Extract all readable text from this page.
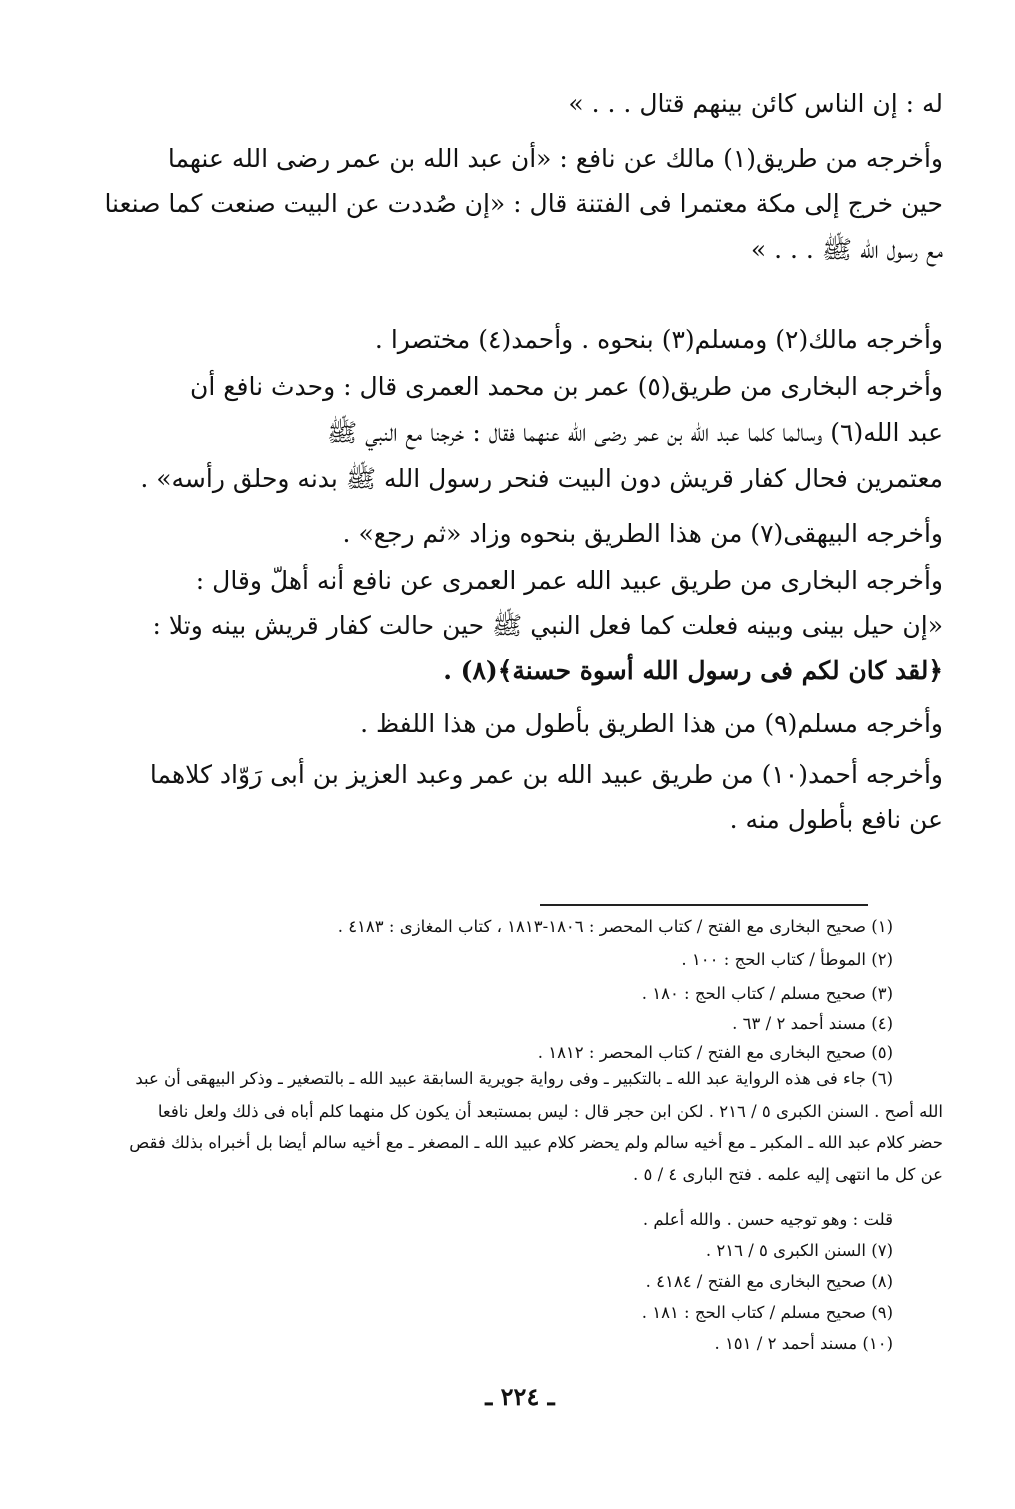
له : إن الناس كائن بينهم قتال . . . »
وأخرجه من طريق(١) مالك عن نافع : «أن عبد الله بن عمر رضى الله عنهما
حين خرج إلى مكة معتمرا فى الفتنة قال : «إن صُددت عن البيت صنعت كما صنعنا
مع رسول الله ﷺ . . . »
وأخرجه مالك(٢) ومسلم(٣) بنحوه . وأحمد(٤) مختصرا .
وأخرجه البخارى من طريق(٥) عمر بن محمد العمرى قال : وحدث نافع أن
عبد الله(٦) وسالما كلما عبد الله بن عمر رضى الله عنهما فقال : خرجنا مع النبي ﷺ
معتمرين فحال كفار قريش دون البيت فنحر رسول الله ﷺ بدنه وحلق رأسه» .
وأخرجه البيهقى(٧) من هذا الطريق بنحوه وزاد «ثم رجع» .
وأخرجه البخارى من طريق عبيد الله عمر العمرى عن نافع أنه أهلّ وقال :
«إن حيل بينى وبينه فعلت كما فعل النبي ﷺ حين حالت كفار قريش بينه وتلا :
﴿لقد كان لكم فى رسول الله أسوة حسنة﴾(٨) .
وأخرجه مسلم(٩) من هذا الطريق بأطول من هذا اللفظ .
وأخرجه أحمد(١٠) من طريق عبيد الله بن عمر وعبد العزيز بن أبى رَوّاد كلاهما
عن نافع بأطول منه .
(١) صحيح البخارى مع الفتح / كتاب المحصر : ١٨٠٦-١٨١٣ ، كتاب المغازى : ٤١٨٣ .
(٢) الموطأ / كتاب الحج : ١٠٠ .
(٣) صحيح مسلم / كتاب الحج : ١٨٠ .
(٤) مسند أحمد ٢ / ٦٣ .
(٥) صحيح البخارى مع الفتح / كتاب المحصر : ١٨١٢ .
(٦) جاء فى هذه الرواية عبد الله ـ بالتكبير ـ وفى رواية جويرية السابقة عبيد الله ـ بالتصغير ـ وذكر البيهقى أن عبد
الله أصح . السنن الكبرى ٥ / ٢١٦ . لكن ابن حجر قال : ليس بمستبعد أن يكون كل منهما كلم أباه فى ذلك ولعل نافعا
حضر كلام عبد الله ـ المكبر ـ مع أخيه سالم ولم يحضر كلام عبيد الله ـ المصغر ـ مع أخيه سالم أيضا بل أخبراه بذلك فقص
عن كل ما انتهى إليه علمه . فتح البارى ٤ / ٥ .
قلت : وهو توجيه حسن . والله أعلم .
(٧) السنن الكبرى ٥ / ٢١٦ .
(٨) صحيح البخارى مع الفتح / ٤١٨٤ .
(٩) صحيح مسلم / كتاب الحج : ١٨١ .
(١٠) مسند أحمد ٢ / ١٥١ .
ـ ٢٢٤ ـ
